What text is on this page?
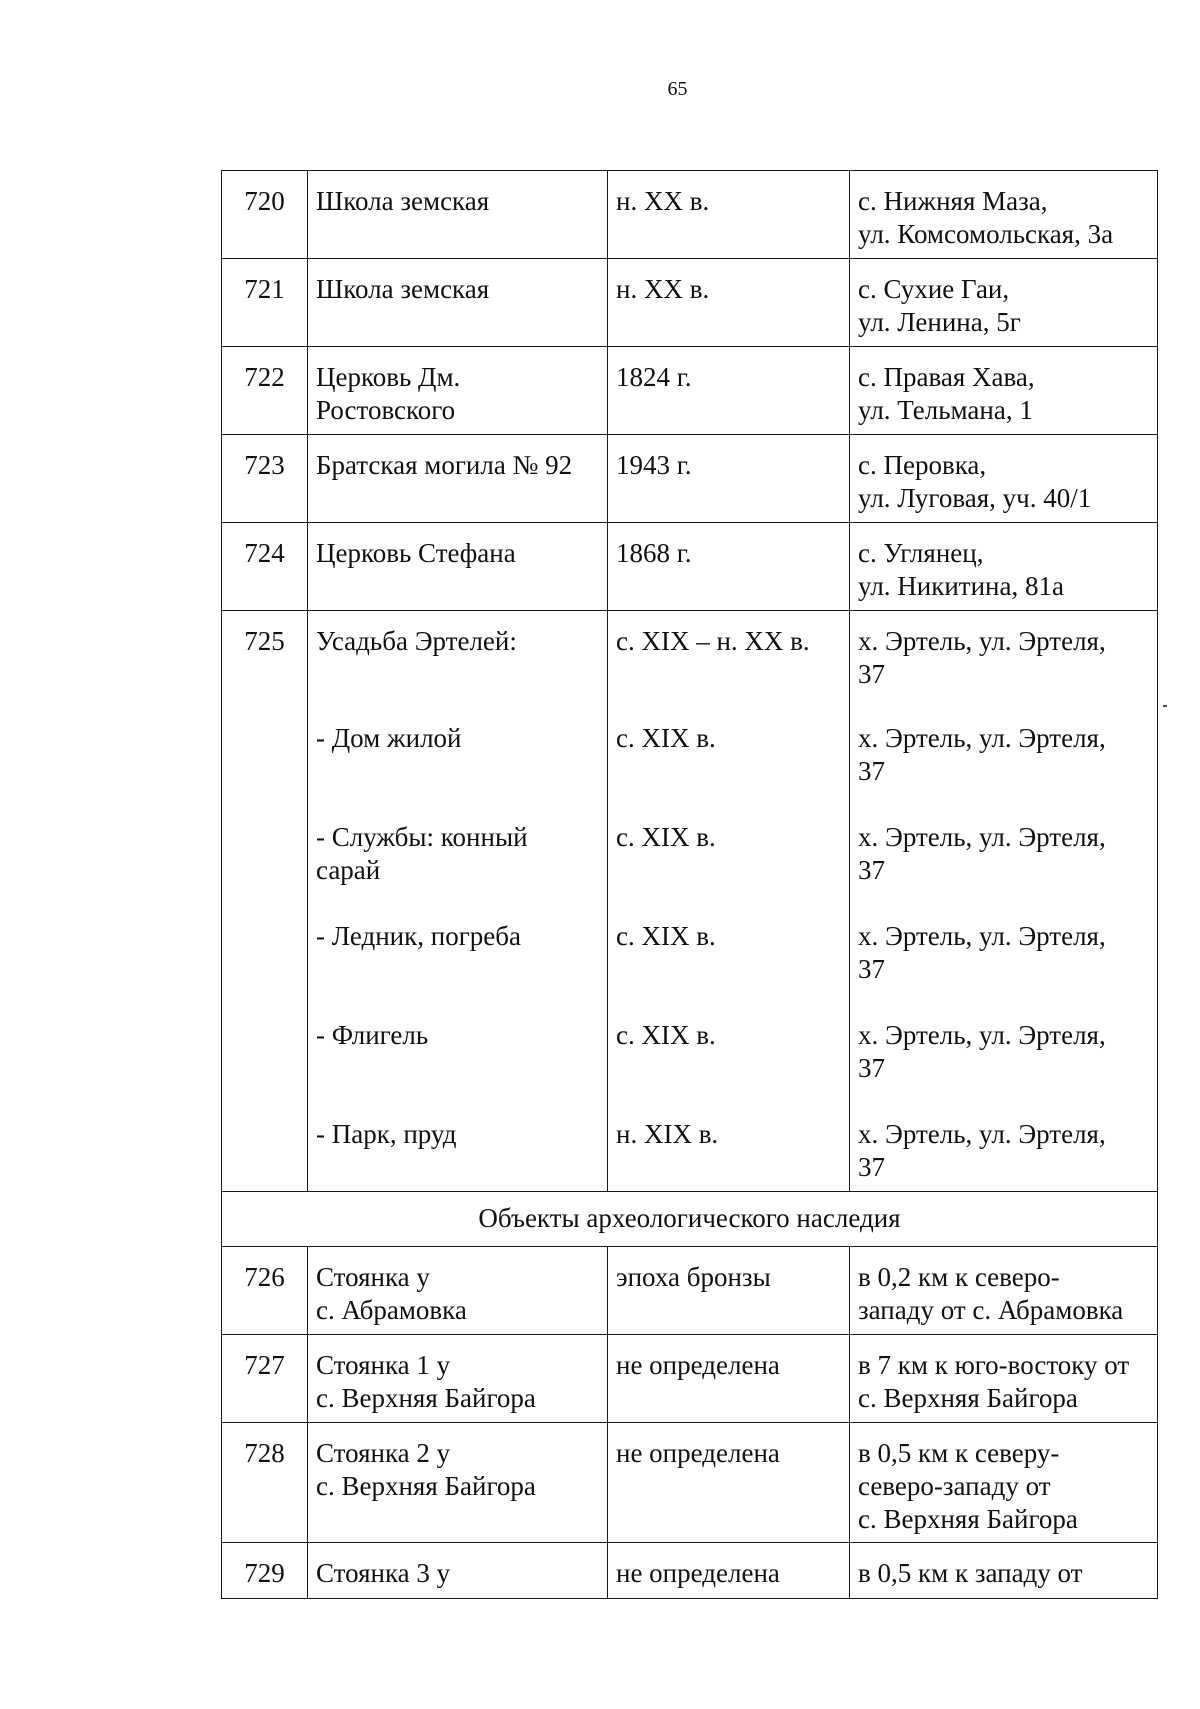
65
720	Школа земская	н. XX в.	с. Нижняя Маза,
ул. Комсомольская, 3а
721	Школа земская	н. XX в.	с. Сухие Гаи,
ул. Ленина, 5г
722	Церковь Дм.
Ростовского	1824 г.	с. Правая Хава,
ул. Тельмана, 1
723	Братская могила № 92	1943 г.	с. Перовка,
ул. Луговая, уч. 40/1
724	Церковь Стефана	1868 г.	с. Углянец,
ул. Никитина, 81а
725	Усадьба Эртелей:	с. XIX – н. XX в.	х. Эртель, ул. Эртеля,
37
	- Дом жилой	с. XIX в.	х. Эртель, ул. Эртеля,
37
	- Службы: конный
сарай	с. XIX в.	х. Эртель, ул. Эртеля,
37
	- Ледник, погреба	с. XIX в.	х. Эртель, ул. Эртеля,
37
	- Флигель	с. XIX в.	х. Эртель, ул. Эртеля,
37
	- Парк, пруд	н. XIX в.	х. Эртель, ул. Эртеля,
37
Объекты археологического наследия			
726	Стоянка у
с. Абрамовка	эпоха бронзы	в 0,2 км к северо-
западу от с. Абрамовка
727	Стоянка 1 у
с. Верхняя Байгора	не определена	в 7 км к юго-востоку от
с. Верхняя Байгора
728	Стоянка 2 у
с. Верхняя Байгора	не определена	в 0,5 км к северу-
северо-западу от
с. Верхняя Байгора
729	Стоянка 3 у	не определена	в 0,5 км к западу от
